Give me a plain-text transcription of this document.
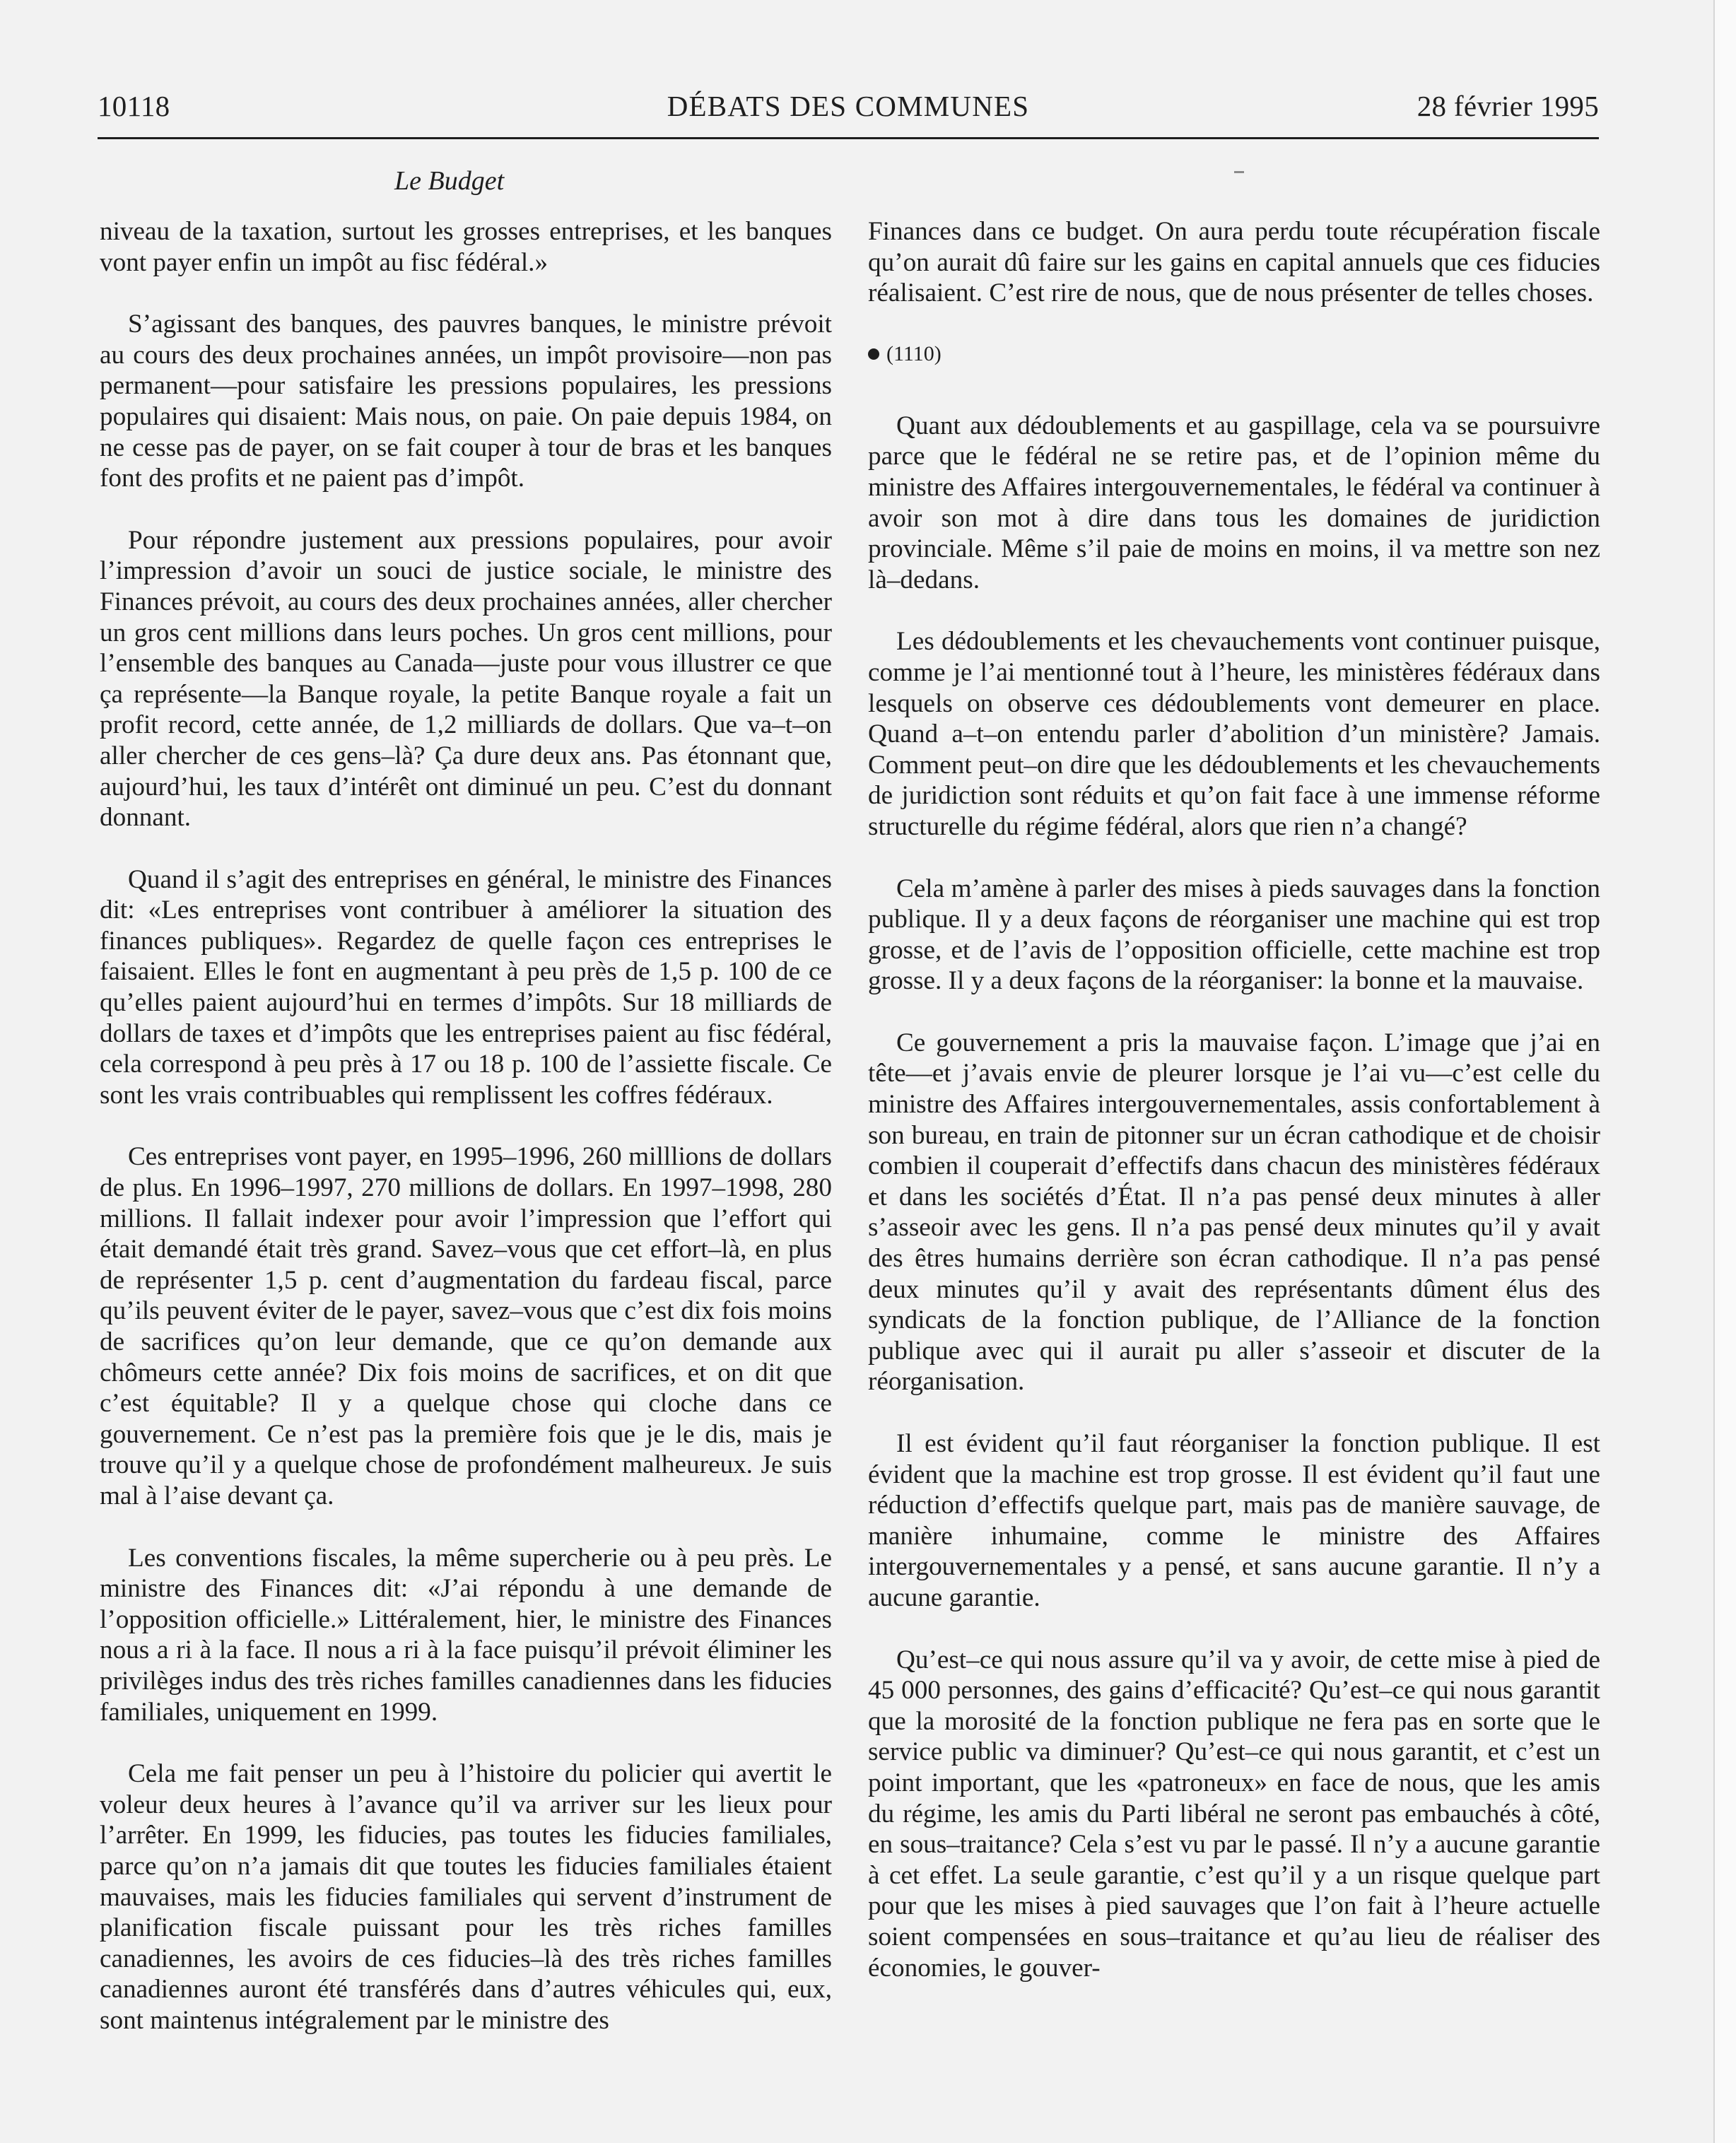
10118	DÉBATS DES COMMUNES	28 février 1995
Le Budget

niveau de la taxation, surtout les grosses entreprises, et les banques vont payer enfin un impôt au fisc fédéral.»

S’agissant des banques, des pauvres banques, le ministre prévoit au cours des deux prochaines années, un impôt provisoire—non pas permanent—pour satisfaire les pressions populaires, les pressions populaires qui disaient: Mais nous, on paie. On paie depuis 1984, on ne cesse pas de payer, on se fait couper à tour de bras et les banques font des profits et ne paient pas d’impôt.

Pour répondre justement aux pressions populaires, pour avoir l’impression d’avoir un souci de justice sociale, le ministre des Finances prévoit, au cours des deux prochaines années, aller chercher un gros cent millions dans leurs poches. Un gros cent millions, pour l’ensemble des banques au Canada—juste pour vous illustrer ce que ça représente—la Banque royale, la petite Banque royale a fait un profit record, cette année, de 1,2 milliards de dollars. Que va–t–on aller chercher de ces gens–là? Ça dure deux ans. Pas étonnant que, aujourd’hui, les taux d’intérêt ont diminué un peu. C’est du donnant donnant.

Quand il s’agit des entreprises en général, le ministre des Finances dit: «Les entreprises vont contribuer à améliorer la situation des finances publiques». Regardez de quelle façon ces entreprises le faisaient. Elles le font en augmentant à peu près de 1,5 p. 100 de ce qu’elles paient aujourd’hui en termes d’impôts. Sur 18 milliards de dollars de taxes et d’impôts que les entreprises paient au fisc fédéral, cela correspond à peu près à 17 ou 18 p. 100 de l’assiette fiscale. Ce sont les vrais contribuables qui remplissent les coffres fédéraux.

Ces entreprises vont payer, en 1995–1996, 260 milllions de dollars de plus. En 1996–1997, 270 millions de dollars. En 1997–1998, 280 millions. Il fallait indexer pour avoir l’impression que l’effort qui était demandé était très grand. Savez–vous que cet effort–là, en plus de représenter 1,5 p. cent d’augmentation du fardeau fiscal, parce qu’ils peuvent éviter de le payer, savez–vous que c’est dix fois moins de sacrifices qu’on leur demande, que ce qu’on demande aux chômeurs cette année? Dix fois moins de sacrifices, et on dit que c’est équitable? Il y a quelque chose qui cloche dans ce gouvernement. Ce n’est pas la première fois que je le dis, mais je trouve qu’il y a quelque chose de profondément malheureux. Je suis mal à l’aise devant ça.

Les conventions fiscales, la même supercherie ou à peu près. Le ministre des Finances dit: «J’ai répondu à une demande de l’opposition officielle.» Littéralement, hier, le ministre des Finances nous a ri à la face. Il nous a ri à la face puisqu’il prévoit éliminer les privilèges indus des très riches familles canadiennes dans les fiducies familiales, uniquement en 1999.

Cela me fait penser un peu à l’histoire du policier qui avertit le voleur deux heures à l’avance qu’il va arriver sur les lieux pour l’arrêter. En 1999, les fiducies, pas toutes les fiducies familiales, parce qu’on n’a jamais dit que toutes les fiducies familiales étaient mauvaises, mais les fiducies familiales qui servent d’instrument de planification fiscale puissant pour les très riches familles canadiennes, les avoirs de ces fiducies–là des très riches familles canadiennes auront été transférés dans d’autres véhicules qui, eux, sont maintenus intégralement par le ministre des

Finances dans ce budget. On aura perdu toute récupération fiscale qu’on aurait dû faire sur les gains en capital annuels que ces fiducies réalisaient. C’est rire de nous, que de nous présenter de telles choses.

(1110)

Quant aux dédoublements et au gaspillage, cela va se poursuivre parce que le fédéral ne se retire pas, et de l’opinion même du ministre des Affaires intergouvernementales, le fédéral va continuer à avoir son mot à dire dans tous les domaines de juridiction provinciale. Même s’il paie de moins en moins, il va mettre son nez là–dedans.

Les dédoublements et les chevauchements vont continuer puisque, comme je l’ai mentionné tout à l’heure, les ministères fédéraux dans lesquels on observe ces dédoublements vont demeurer en place. Quand a–t–on entendu parler d’abolition d’un ministère? Jamais. Comment peut–on dire que les dédoublements et les chevauchements de juridiction sont réduits et qu’on fait face à une immense réforme structurelle du régime fédéral, alors que rien n’a changé?

Cela m’amène à parler des mises à pieds sauvages dans la fonction publique. Il y a deux façons de réorganiser une machine qui est trop grosse, et de l’avis de l’opposition officielle, cette machine est trop grosse. Il y a deux façons de la réorganiser: la bonne et la mauvaise.

Ce gouvernement a pris la mauvaise façon. L’image que j’ai en tête—et j’avais envie de pleurer lorsque je l’ai vu—c’est celle du ministre des Affaires intergouvernementales, assis confortablement à son bureau, en train de pitonner sur un écran cathodique et de choisir combien il couperait d’effectifs dans chacun des ministères fédéraux et dans les sociétés d’État. Il n’a pas pensé deux minutes à aller s’asseoir avec les gens. Il n’a pas pensé deux minutes qu’il y avait des êtres humains derrière son écran cathodique. Il n’a pas pensé deux minutes qu’il y avait des représentants dûment élus des syndicats de la fonction publique, de l’Alliance de la fonction publique avec qui il aurait pu aller s’asseoir et discuter de la réorganisation.

Il est évident qu’il faut réorganiser la fonction publique. Il est évident que la machine est trop grosse. Il est évident qu’il faut une réduction d’effectifs quelque part, mais pas de manière sauvage, de manière inhumaine, comme le ministre des Affaires intergouvernementales y a pensé, et sans aucune garantie. Il n’y a aucune garantie.

Qu’est–ce qui nous assure qu’il va y avoir, de cette mise à pied de 45 000 personnes, des gains d’efficacité? Qu’est–ce qui nous garantit que la morosité de la fonction publique ne fera pas en sorte que le service public va diminuer? Qu’est–ce qui nous garantit, et c’est un point important, que les «patroneux» en face de nous, que les amis du régime, les amis du Parti libéral ne seront pas embauchés à côté, en sous–traitance? Cela s’est vu par le passé. Il n’y a aucune garantie à cet effet. La seule garantie, c’est qu’il y a un risque quelque part pour que les mises à pied sauvages que l’on fait à l’heure actuelle soient compensées en sous–traitance et qu’au lieu de réaliser des économies, le gouver-
